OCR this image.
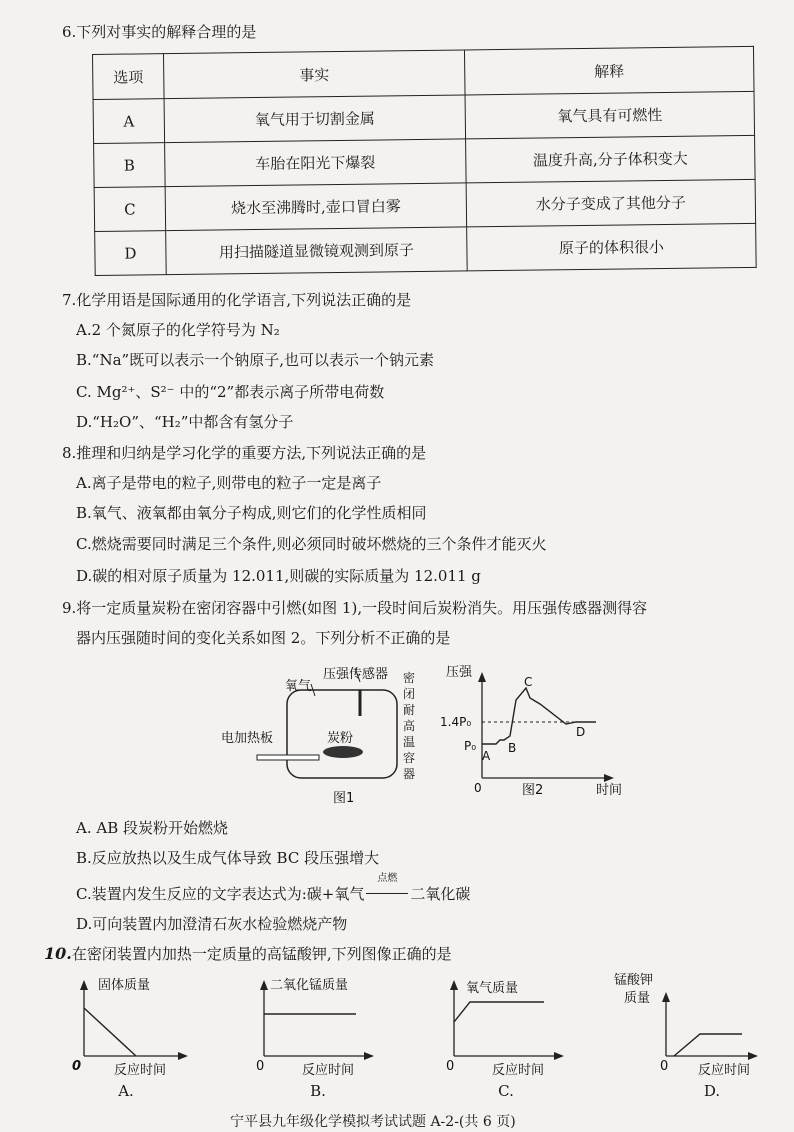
6.下列对事实的解释合理的是
选项	事实	解释
A	氧气用于切割金属	氧气具有可燃性
B	车胎在阳光下爆裂	温度升高,分子体积变大
C	烧水至沸腾时,壶口冒白雾	水分子变成了其他分子
D	用扫描隧道显微镜观测到原子	原子的体积很小
7.化学用语是国际通用的化学语言,下列说法正确的是
A.2 个氮原子的化学符号为 N₂
B.“Na”既可以表示一个钠原子,也可以表示一个钠元素
C. Mg²⁺、S²⁻ 中的“2”都表示离子所带电荷数
D.“H₂O”、“H₂”中都含有氢分子
8.推理和归纳是学习化学的重要方法,下列说法正确的是
A.离子是带电的粒子,则带电的粒子一定是离子
B.氧气、液氧都由氧分子构成,则它们的化学性质相同
C.燃烧需要同时满足三个条件,则必须同时破坏燃烧的三个条件才能灭火
D.碳的相对原子质量为 12.011,则碳的实际质量为 12.011 g
9.将一定质量炭粉在密闭容器中引燃(如图 1),一段时间后炭粉消失。用压强传感器测得容
器内压强随时间的变化关系如图 2。下列分析不正确的是
氧气
压强传感器
电加热板	炭粉
密
闭
耐
高
温
容
器
图1
压强
1.4P₀
P₀
A
B
C
D
0	图2	时间
A. AB 段炭粉开始燃烧
B.反应放热以及生成气体导致 BC 段压强增大
C.装置内发生反应的文字表达式为:碳+氧气
点燃
二氧化碳
D.可向装置内加澄清石灰水检验燃烧产物
10.在密闭装置内加热一定质量的高锰酸钾,下列图像正确的是
固体质量
0	反应时间
A.
二氧化锰质量
0	反应时间
B.
氧气质量
0	反应时间
C.
锰酸钾
质量
0 反应时间
D.
宁平县九年级化学模拟考试试题 A-2-(共 6 页)
